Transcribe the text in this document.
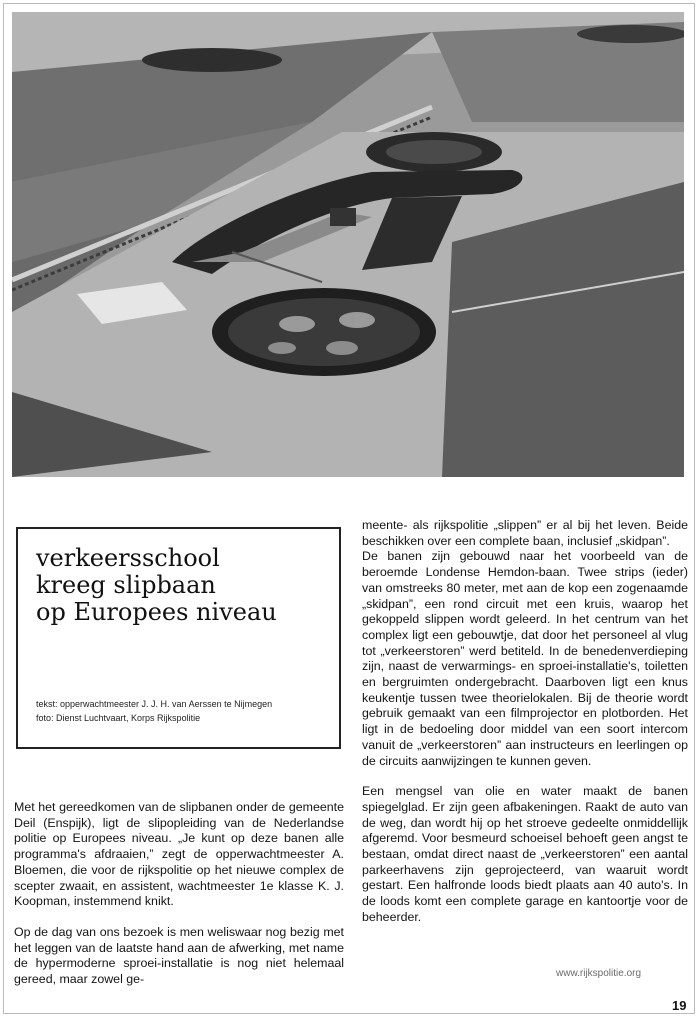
verkeersschool
kreeg slipbaan
op Europees niveau
tekst: opperwachtmeester J. J. H. van Aerssen te Nijmegen
foto: Dienst Luchtvaart, Korps Rijkspolitie

Met het gereedkomen van de slipbanen onder de gemeente Deil (Enspijk), ligt de slipopleiding van de Nederlandse politie op Europees niveau. „Je kunt op deze banen alle programma's afdraaien,” zegt de opperwachtmeester A. Bloemen, die voor de rijkspolitie op het nieuwe complex de scepter zwaait, en assistent, wachtmeester 1e klasse K. J. Koopman, instemmend knikt.

Op de dag van ons bezoek is men weliswaar nog bezig met het leggen van de laatste hand aan de afwerking, met name de hypermoderne sproei-installatie is nog niet helemaal gereed, maar zowel ge-

meente- als rijkspolitie „slippen” er al bij het leven. Beide beschikken over een complete baan, inclusief „skidpan”.
De banen zijn gebouwd naar het voorbeeld van de beroemde Londense Hemdon-baan. Twee strips (ieder) van omstreeks 80 meter, met aan de kop een zogenaamde „skidpan”, een rond circuit met een kruis, waarop het gekoppeld slippen wordt geleerd. In het centrum van het complex ligt een gebouwtje, dat door het personeel al vlug tot „verkeerstoren” werd betiteld. In de benedenverdieping zijn, naast de verwarmings- en sproei-installatie's, toiletten en bergruimten ondergebracht. Daarboven ligt een knus keukentje tussen twee theorielokalen. Bij de theorie wordt gebruik gemaakt van een filmprojector en plotborden. Het ligt in de bedoeling door middel van een soort intercom vanuit de „verkeerstoren” aan instructeurs en leerlingen op de circuits aanwijzingen te kunnen geven.

Een mengsel van olie en water maakt de banen spiegelglad. Er zijn geen afbakeningen. Raakt de auto van de weg, dan wordt hij op het stroeve gedeelte onmiddellijk afgeremd. Voor besmeurd schoeisel behoeft geen angst te bestaan, omdat direct naast de „verkeerstoren” een aantal parkeerhavens zijn geprojecteerd, van waaruit wordt gestart. Een halfronde loods biedt plaats aan 40 auto's. In de loods komt een complete garage en kantoortje voor de beheerder.

www.rijkspolitie.org
19
